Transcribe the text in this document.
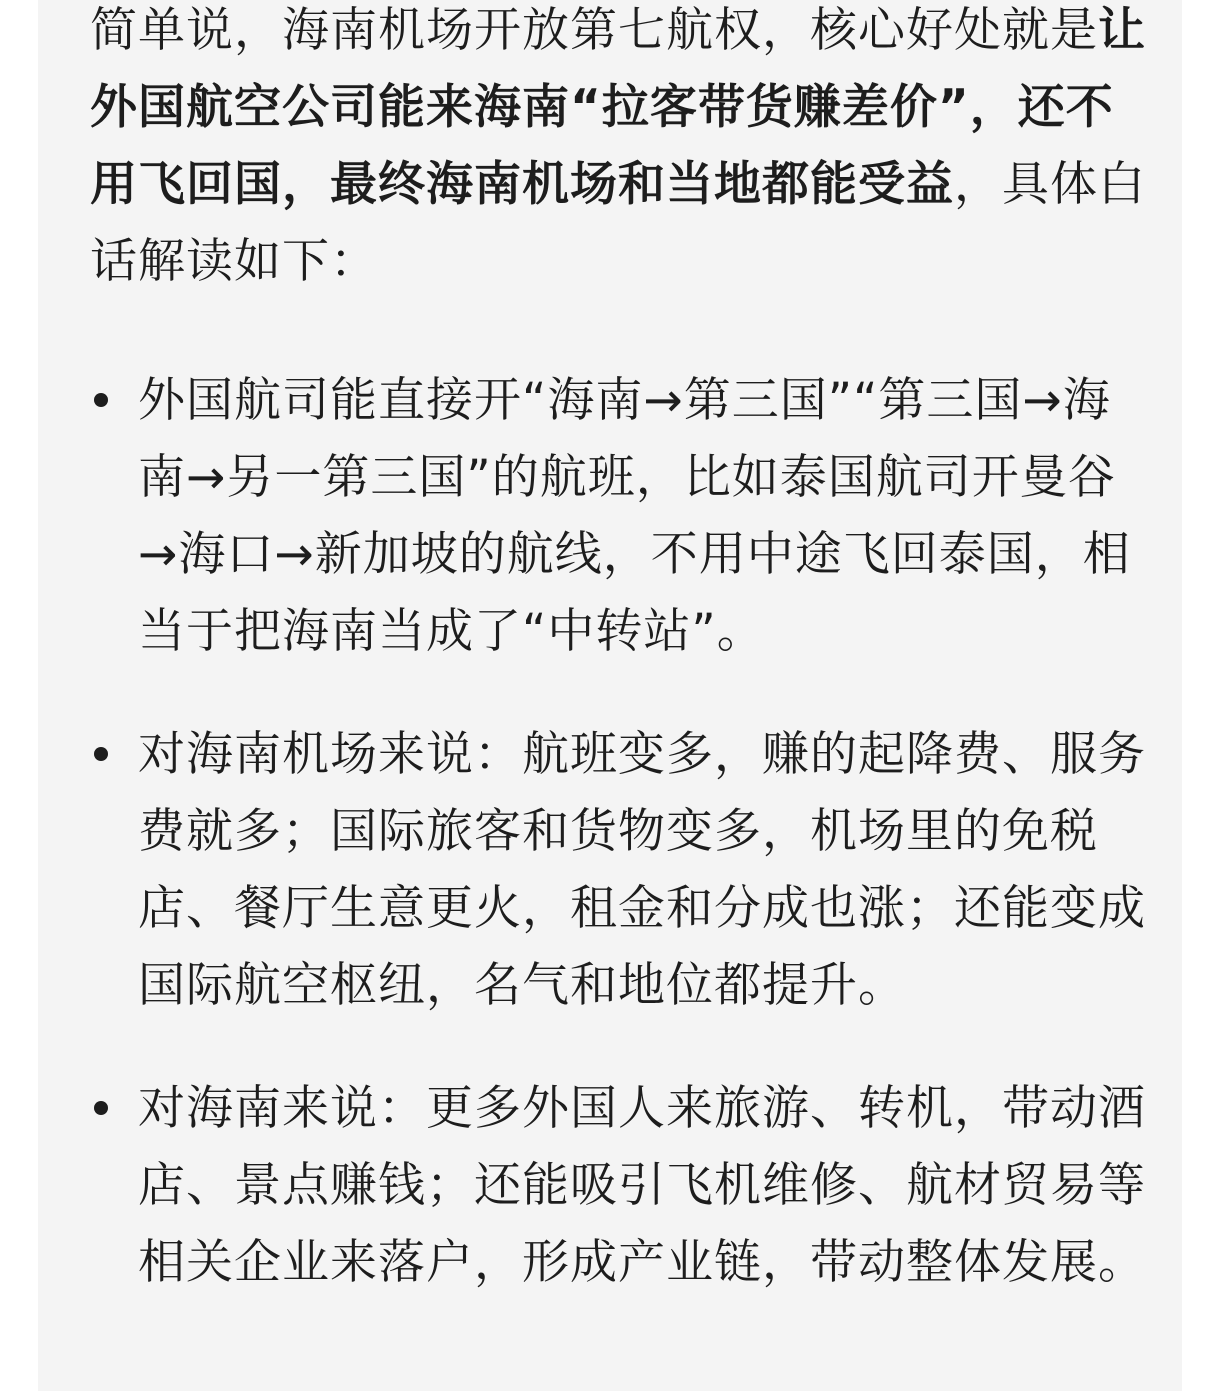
简单说，海南机场开放第七航权，核心好处就是让外国航空公司能来海南“拉客带货赚差价”，还不用飞回国，最终海南机场和当地都能受益，具体白话解读如下：

外国航司能直接开“海南→第三国”“第三国→海南→另一第三国”的航班，比如泰国航司开曼谷→海口→新加坡的航线，不用中途飞回泰国，相当于把海南当成了“中转站”。
对海南机场来说：航班变多，赚的起降费、服务费就多；国际旅客和货物变多，机场里的免税店、餐厅生意更火，租金和分成也涨；还能变成国际航空枢纽，名气和地位都提升。
对海南来说：更多外国人来旅游、转机，带动酒店、景点赚钱；还能吸引飞机维修、航材贸易等相关企业来落户，形成产业链，带动整体发展。
